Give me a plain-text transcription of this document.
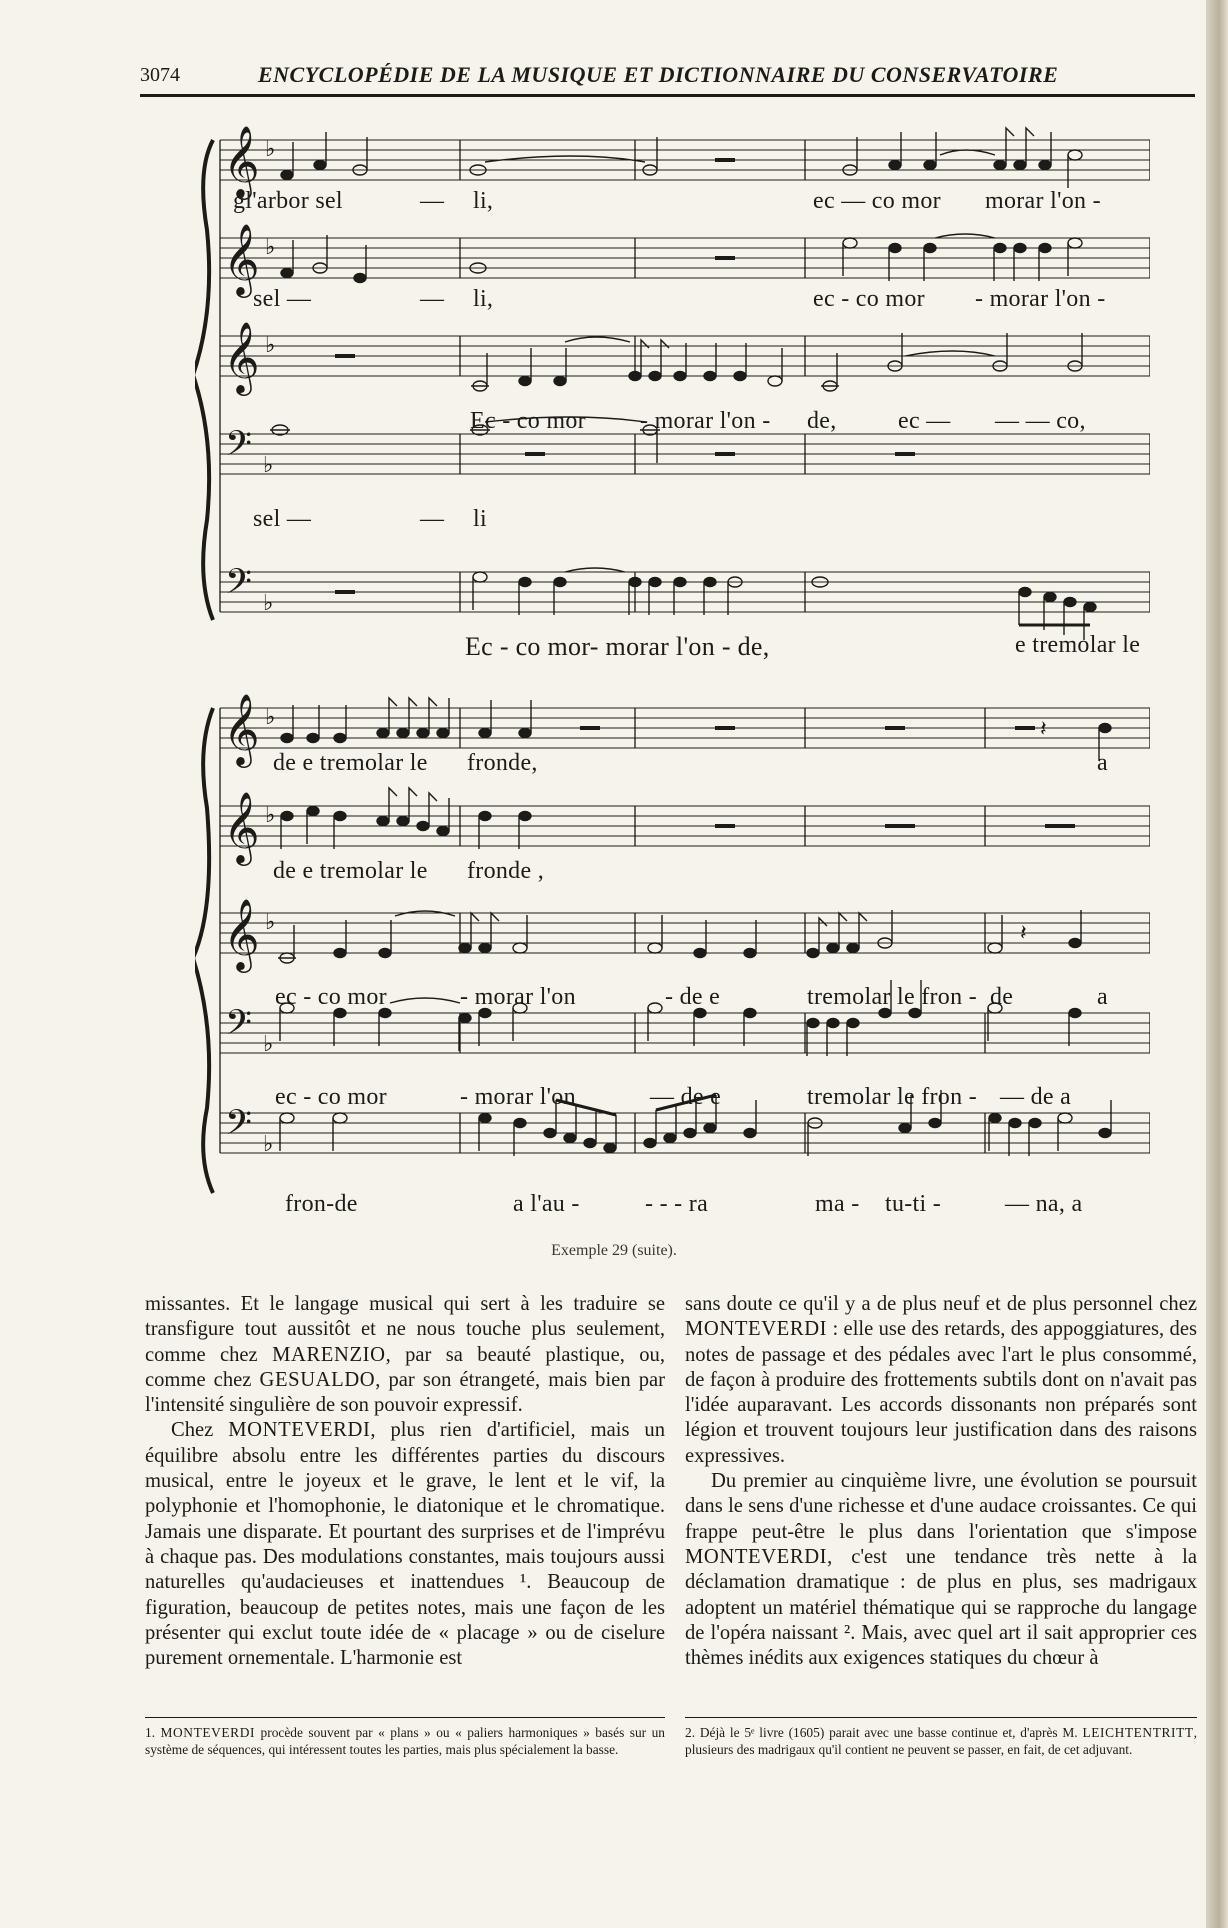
3074	ENCYCLOPÉDIE DE LA MUSIQUE ET DICTIONNAIRE DU CONSERVATOIRE
𝄞
𝄞
𝄞
𝄢
𝄢
♭
♭
♭
♭
♭
gl'arbor sel	— li,	ec — co mor morar l'on -
sel —	— li,	ec - co mor - morar l'on -
Ec - co mor - morar l'on - de,	ec — — — co,
sel —	— li
Ec - co mor- morar l'on - de,	e tremolar le
𝄞
𝄞
𝄞
𝄢
𝄢
♭
♭
♭
♭
♭
𝄽
𝄽
de e tremolar le fronde,	a
de e tremolar le fronde ,
ec - co mor	- morar l'on	- de e	tremolar le fron - de	a
ec - co mor	- morar l'on	— de e	tremolar le fron - — de a
fron-de	a l'au -	- - - ra	ma - tu-ti -	— na, a
Exemple 29 (suite).

missantes. Et le langage musical qui sert à les traduire se transfigure tout aussitôt et ne nous touche plus seulement, comme chez MARENZIO, par sa beauté plastique, ou, comme chez GESUALDO, par son étrangeté, mais bien par l'intensité singulière de son pouvoir expressif.

Chez MONTEVERDI, plus rien d'artificiel, mais un équilibre absolu entre les différentes parties du discours musical, entre le joyeux et le grave, le lent et le vif, la polyphonie et l'homophonie, le diatonique et le chromatique. Jamais une disparate. Et pourtant des surprises et de l'imprévu à chaque pas. Des modulations constantes, mais toujours aussi naturelles qu'audacieuses et inattendues ¹. Beaucoup de figuration, beaucoup de petites notes, mais une façon de les présenter qui exclut toute idée de « placage » ou de ciselure purement ornementale. L'harmonie est

sans doute ce qu'il y a de plus neuf et de plus personnel chez MONTEVERDI : elle use des retards, des appoggiatures, des notes de passage et des pédales avec l'art le plus consommé, de façon à produire des frottements subtils dont on n'avait pas l'idée auparavant. Les accords dissonants non préparés sont légion et trouvent toujours leur justification dans des raisons expressives.

Du premier au cinquième livre, une évolution se poursuit dans le sens d'une richesse et d'une audace croissantes. Ce qui frappe peut-être le plus dans l'orientation que s'impose MONTEVERDI, c'est une tendance très nette à la déclamation dramatique : de plus en plus, ses madrigaux adoptent un matériel thématique qui se rapproche du langage de l'opéra naissant ². Mais, avec quel art il sait approprier ces thèmes inédits aux exigences statiques du chœur à

1. MONTEVERDI procède souvent par « plans » ou « paliers harmoniques » basés sur un système de séquences, qui intéressent toutes les parties, mais plus spécialement la basse.
2. Déjà le 5ᵉ livre (1605) parait avec une basse continue et, d'après M. LEICHTENTRITT, plusieurs des madrigaux qu'il contient ne peuvent se passer, en fait, de cet adjuvant.
